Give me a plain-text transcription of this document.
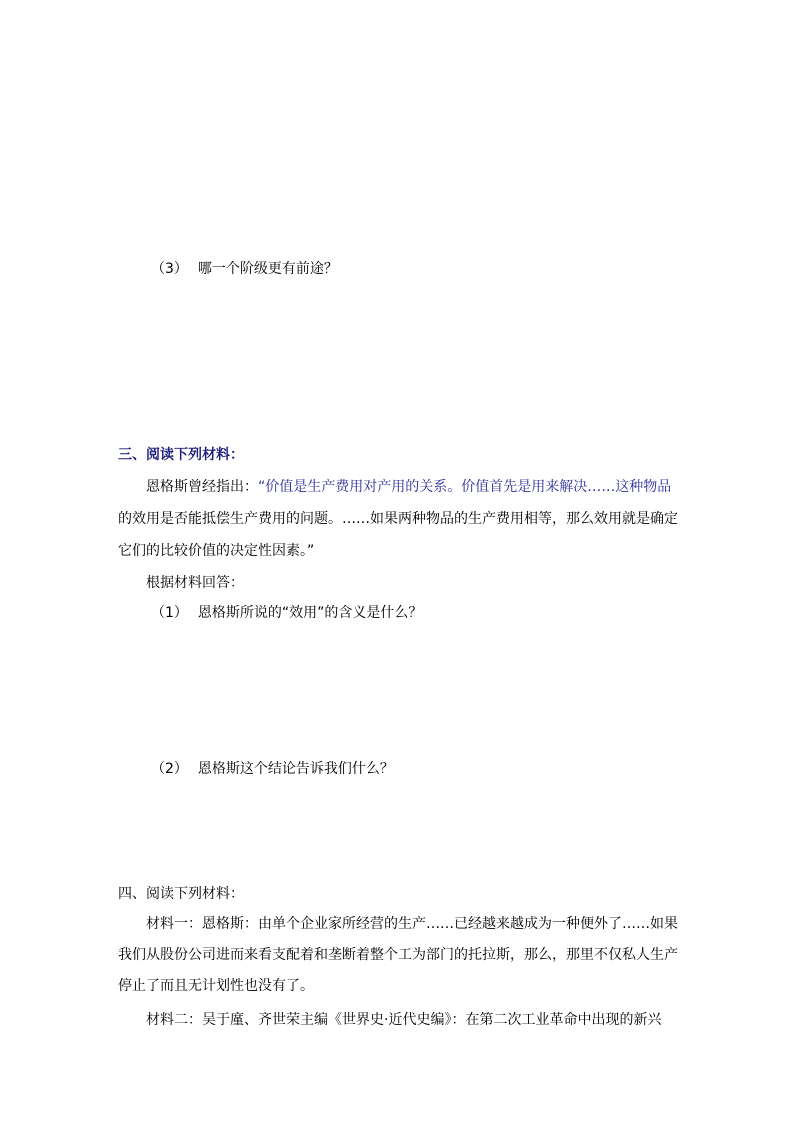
（3） 哪一个阶级更有前途？
三、阅读下列材料：
恩格斯曾经指出：“价值是生产费用对产用的关系。价值首先是用来解决……这种物品
的效用是否能抵偿生产费用的问题。……如果两种物品的生产费用相等，那么效用就是确定
它们的比较价值的决定性因素。”
根据材料回答：
（1） 恩格斯所说的“效用”的含义是什么？
（2） 恩格斯这个结论告诉我们什么？
四、阅读下列材料：
材料一：恩格斯：由单个企业家所经营的生产……已经越来越成为一种便外了……如果
我们从股份公司进而来看支配着和垄断着整个工为部门的托拉斯，那么，那里不仅私人生产
停止了而且无计划性也没有了。
材料二：吴于廑、齐世荣主编《世界史·近代史编》：在第二次工业革命中出现的新兴
